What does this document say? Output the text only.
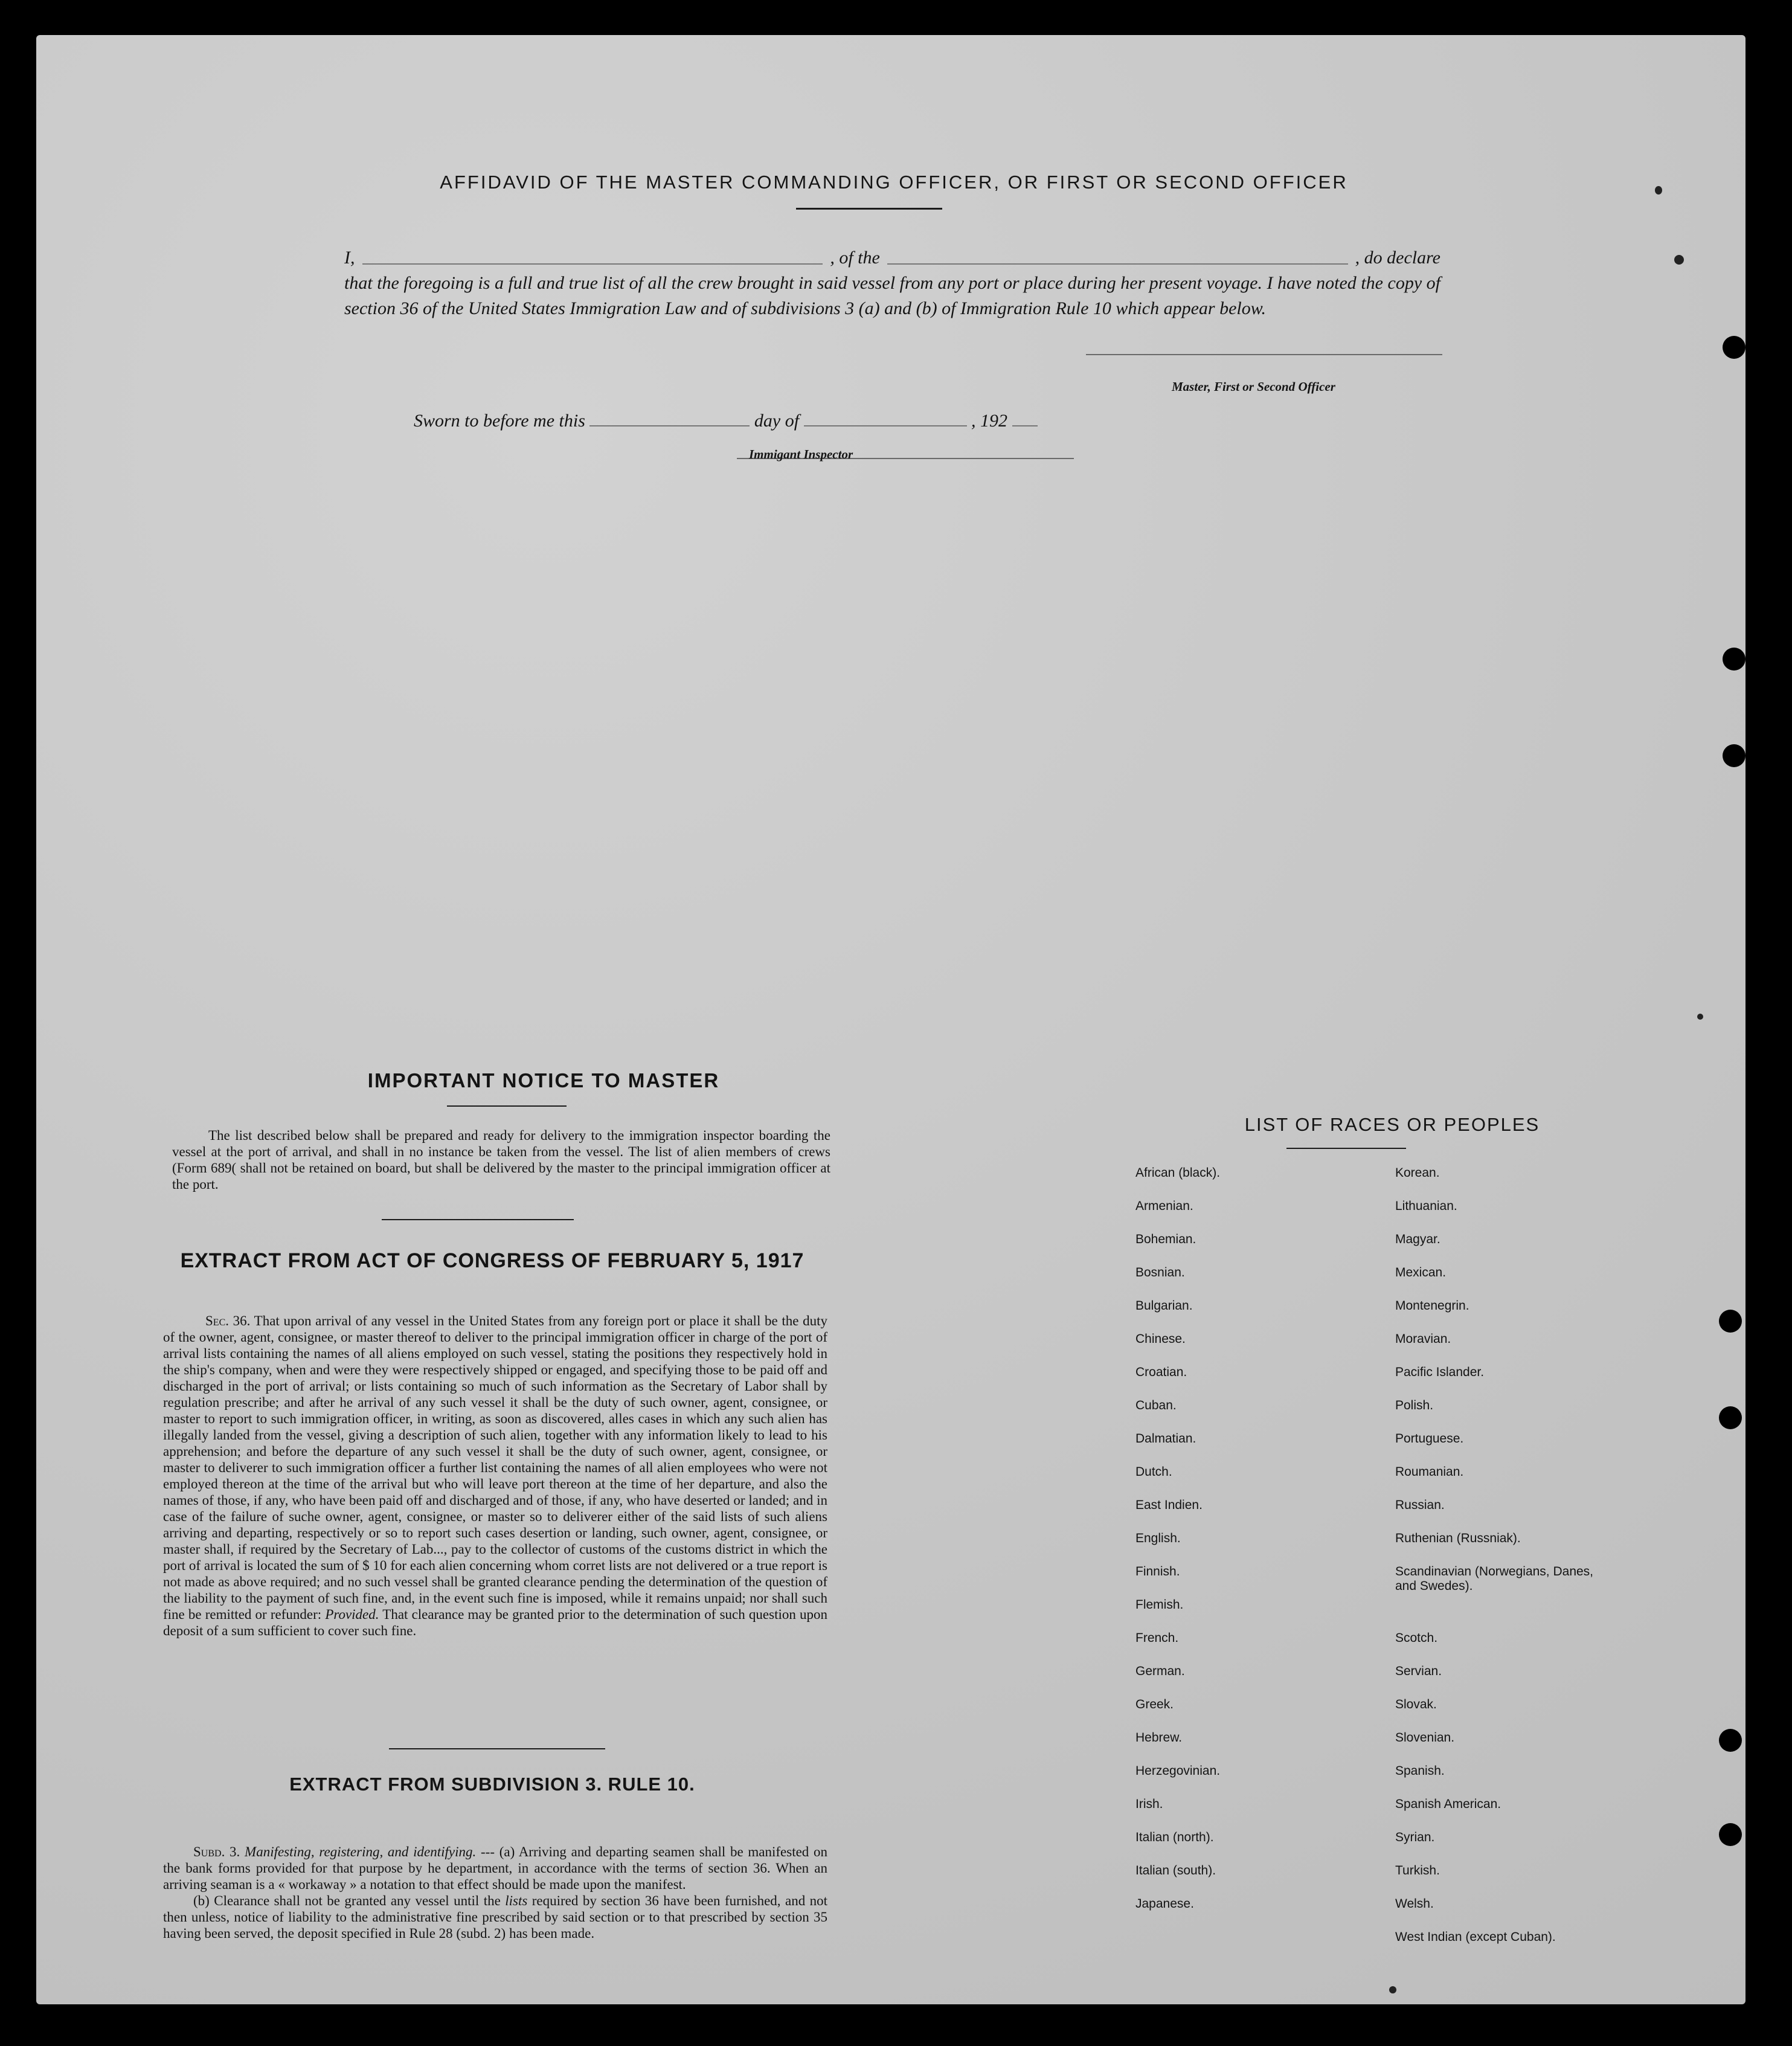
AFFIDAVID OF THE MASTER COMMANDING OFFICER, OR FIRST OR SECOND OFFICER

I,	, of the	, do declare
that the foregoing is a full and true list of all the crew brought in said vessel from any port or place during her present voyage. I have noted the copy of section 36 of the United States Immigration Law and of subdivisions 3 (a) and (b) of Immigration Rule 10 which appear below.

Master, First or Second Officer

Sworn to before me this	day of	, 192

Immigant Inspector

IMPORTANT NOTICE TO MASTER

The list described below shall be prepared and ready for delivery to the immigration inspector boarding the vessel at the port of arrival, and shall in no instance be taken from the vessel. The list of alien members of crews (Form 689( shall not be retained on board, but shall be delivered by the master to the principal immigration officer at the port.

EXTRACT FROM ACT OF CONGRESS OF FEBRUARY 5, 1917

Sec. 36. That upon arrival of any vessel in the United States from any foreign port or place it shall be the duty of the owner, agent, consignee, or master thereof to deliver to the principal immigration officer in charge of the port of arrival lists containing the names of all aliens employed on such vessel, stating the positions they respectively hold in the ship's company, when and were they were respectively shipped or engaged, and specifying those to be paid off and discharged in the port of arrival; or lists containing so much of such information as the Secretary of Labor shall by regulation prescribe; and after he arrival of any such vessel it shall be the duty of such owner, agent, consignee, or master to report to such immigration officer, in writing, as soon as discovered, alles cases in which any such alien has illegally landed from the vessel, giving a description of such alien, together with any information likely to lead to his apprehension; and before the departure of any such vessel it shall be the duty of such owner, agent, consignee, or master to deliverer to such immigration officer a further list containing the names of all alien employees who were not employed thereon at the time of the arrival but who will leave port thereon at the time of her departure, and also the names of those, if any, who have been paid off and discharged and of those, if any, who have deserted or landed; and in case of the failure of suche owner, agent, consignee, or master so to deliverer either of the said lists of such aliens arriving and departing, respectively or so to report such cases desertion or landing, such owner, agent, consignee, or master shall, if required by the Secretary of Lab..., pay to the collector of customs of the customs district in which the port of arrival is located the sum of $ 10 for each alien concerning whom corret lists are not delivered or a true report is not made as above required; and no such vessel shall be granted clearance pending the determination of the question of the liability to the payment of such fine, and, in the event such fine is imposed, while it remains unpaid; nor shall such fine be remitted or refunder: Provided. That clearance may be granted prior to the determination of such question upon deposit of a sum sufficient to cover such fine.

EXTRACT FROM SUBDIVISION 3. RULE 10.

Subd. 3. Manifesting, registering, and identifying. --- (a) Arriving and departing seamen shall be manifested on the bank forms provided for that purpose by he department, in accordance with the terms of section 36. When an arriving seaman is a « workaway » a notation to that effect should be made upon the manifest.

(b) Clearance shall not be granted any vessel until the lists required by section 36 have been furnished, and not then unless, notice of liability to the administrative fine prescribed by said section or to that prescribed by section 35 having been served, the deposit specified in Rule 28 (subd. 2) has been made.

LIST OF RACES OR PEOPLES

African (black).
Armenian.
Bohemian.
Bosnian.
Bulgarian.
Chinese.
Croatian.
Cuban.
Dalmatian.
Dutch.
East Indien.
English.
Finnish.
Flemish.
French.
German.
Greek.
Hebrew.
Herzegovinian.
Irish.
Italian (north).
Italian (south).
Japanese.
Korean.
Lithuanian.
Magyar.
Mexican.
Montenegrin.
Moravian.
Pacific Islander.
Polish.
Portuguese.
Roumanian.
Russian.
Ruthenian (Russniak).
Scandinavian (Norwegians, Danes, and Swedes).
Scotch.
Servian.
Slovak.
Slovenian.
Spanish.
Spanish American.
Syrian.
Turkish.
Welsh.
West Indian (except Cuban).
